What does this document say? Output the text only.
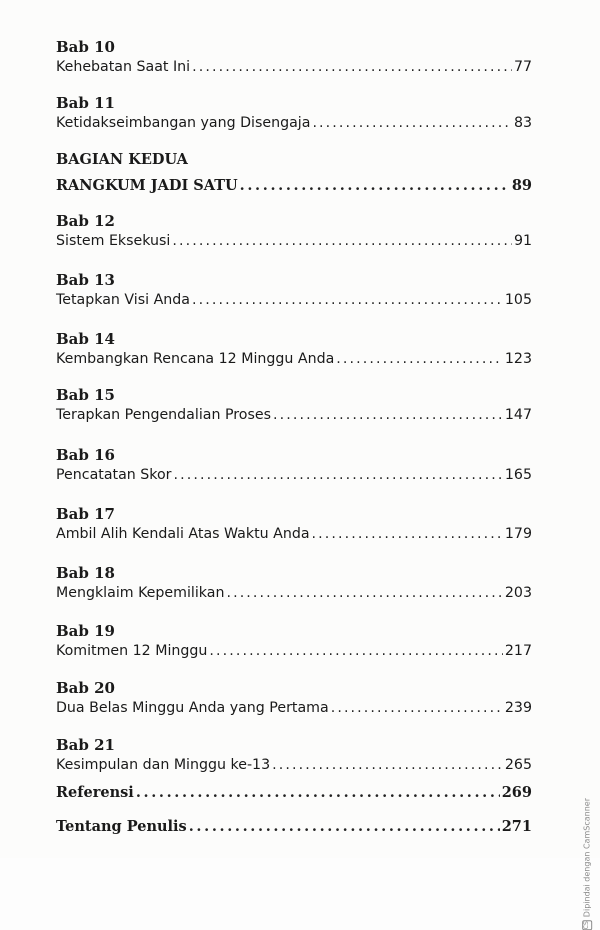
Bab 10
Kehebatan Saat Ini . . .	77
Bab 11
Ketidakseimbangan yang Disengaja . . .	83
BAGIAN KEDUA
RANGKUM JADI SATU . . .	89
Bab 12
Sistem Eksekusi . . .	91
Bab 13
Tetapkan Visi Anda . . .	105
Bab 14
Kembangkan Rencana 12 Minggu Anda . . .	123
Bab 15
Terapkan Pengendalian Proses . . .	147
Bab 16
Pencatatan Skor . . .	165
Bab 17
Ambil Alih Kendali Atas Waktu Anda . . .	179
Bab 18
Mengklaim Kepemilikan . . .	203
Bab 19
Komitmen 12 Minggu . . .	217
Bab 20
Dua Belas Minggu Anda yang Pertama . . .	239
Bab 21
Kesimpulan dan Minggu ke-13 . . .	265
Referensi . . .	269
Tentang Penulis . . .	271
CSDipindai dengan CamScanner
